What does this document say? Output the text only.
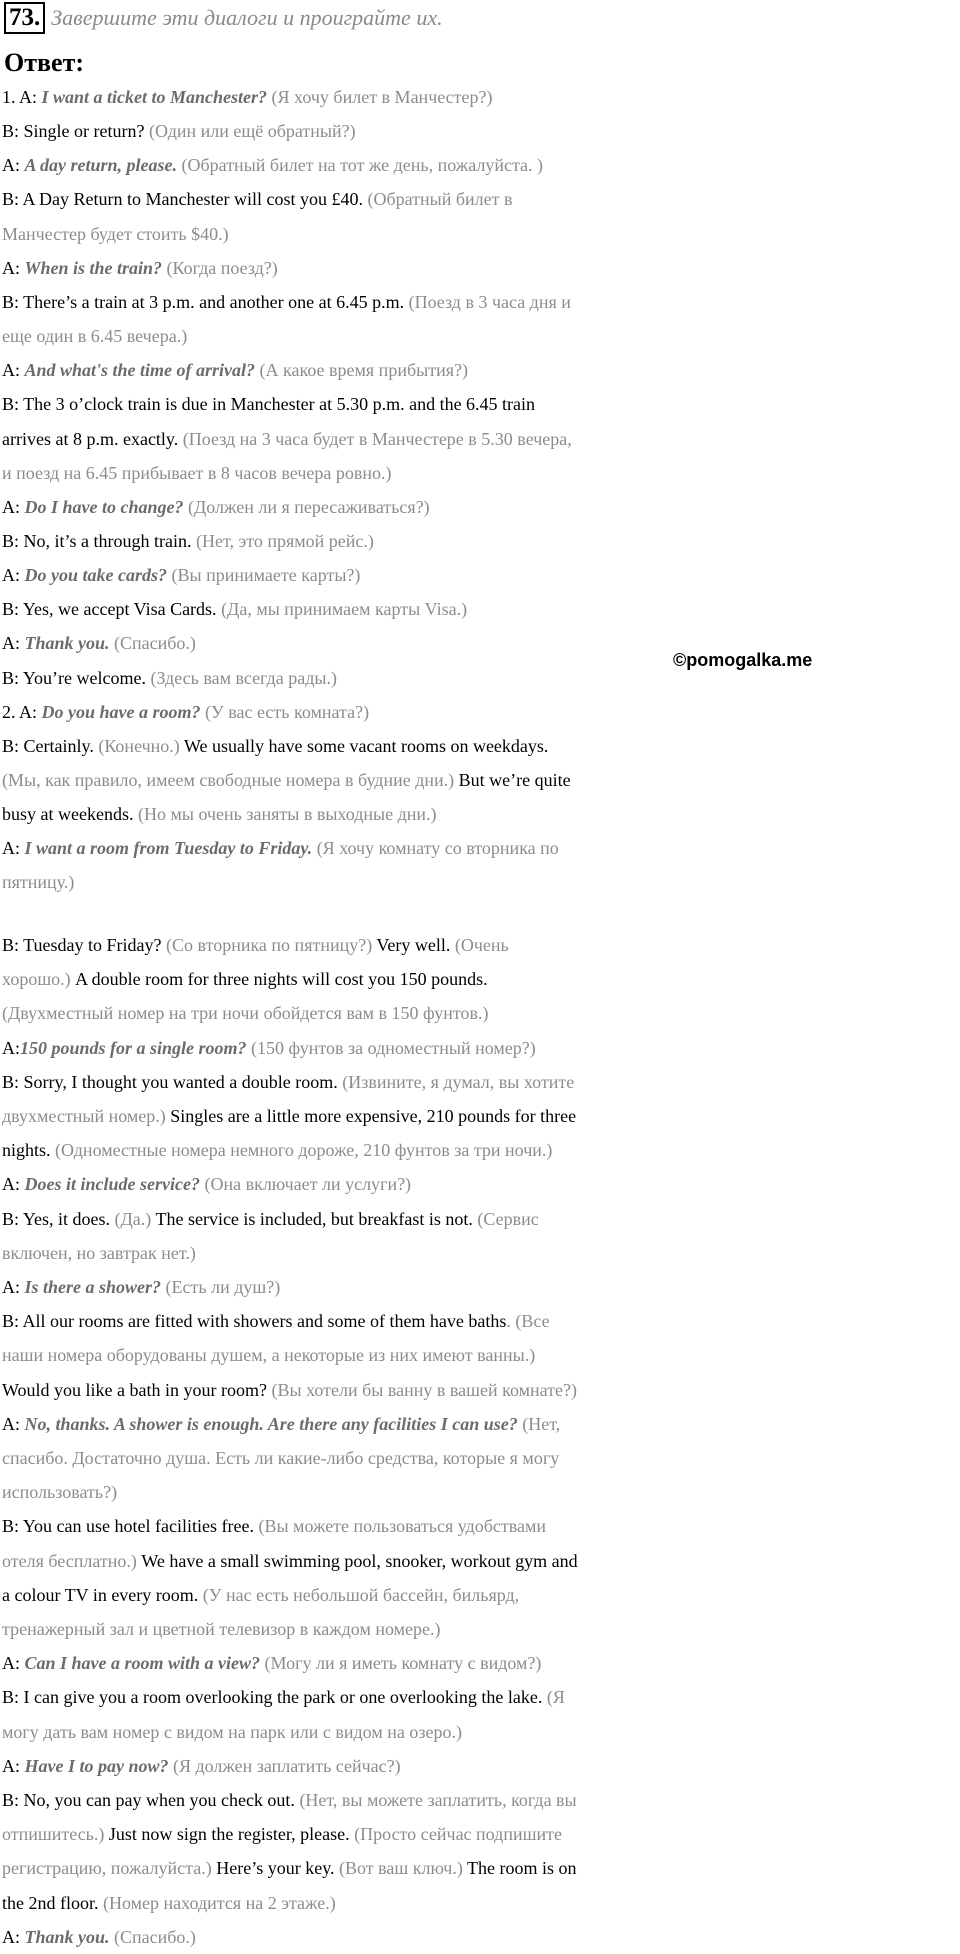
73. Завершите эти диалоги и проиграйте их.
Ответ:
1. A: I want a ticket to Manchester? (Я хочу билет в Манчестер?)
B: Single or return? (Один или ещё обратный?)
A: A day return, please. (Обратный билет на тот же день, пожалуйста. )
B: A Day Return to Manchester will cost you £40. (Обратный билет в
Манчестер будет стоить $40.)
A: When is the train? (Когда поезд?)
B: There’s a train at 3 p.m. and another one at 6.45 p.m. (Поезд в 3 часа дня и
еще один в 6.45 вечера.)
A: And what's the time of arrival? (А какое время прибытия?)
B: The 3 o’clock train is due in Manchester at 5.30 p.m. and the 6.45 train
arrives at 8 p.m. exactly. (Поезд на 3 часа будет в Манчестере в 5.30 вечера,
и поезд на 6.45 прибывает в 8 часов вечера ровно.)
A: Do I have to change? (Должен ли я пересаживаться?)
B: No, it’s a through train. (Нет, это прямой рейс.)
A: Do you take cards? (Вы принимаете карты?)
B: Yes, we accept Visa Cards. (Да, мы принимаем карты Visa.)
A: Thank you. (Спасибо.)
B: You’re welcome. (Здесь вам всегда рады.)
2. A: Do you have a room? (У вас есть комната?)
B: Certainly. (Конечно.) We usually have some vacant rooms on weekdays.
(Мы, как правило, имеем свободные номера в будние дни.) But we’re quite
busy at weekends. (Но мы очень заняты в выходные дни.)
A: I want a room from Tuesday to Friday. (Я хочу комнату со вторника по
пятницу.)
B: Tuesday to Friday? (Со вторника по пятницу?) Very well. (Очень
хорошо.) A double room for three nights will cost you 150 pounds.
(Двухместный номер на три ночи обойдется вам в 150 фунтов.)
A:150 pounds for a single room? (150 фунтов за одноместный номер?)
B: Sorry, I thought you wanted a double room. (Извините, я думал, вы хотите
двухместный номер.) Singles are a little more expensive, 210 pounds for three
nights. (Одноместные номера немного дороже, 210 фунтов за три ночи.)
A: Does it include service? (Она включает ли услуги?)
B: Yes, it does. (Да.) The service is included, but breakfast is not. (Сервис
включен, но завтрак нет.)
A: Is there a shower? (Есть ли душ?)
B: All our rooms are fitted with showers and some of them have baths. (Все
наши номера оборудованы душем, а некоторые из них имеют ванны.)
Would you like a bath in your room? (Вы хотели бы ванну в вашей комнате?)
A: No, thanks. A shower is enough. Are there any facilities I can use? (Нет,
спасибо. Достаточно душа. Есть ли какие-либо средства, которые я могу
использовать?)
B: You can use hotel facilities free. (Вы можете пользоваться удобствами
отеля бесплатно.) We have a small swimming pool, snooker, workout gym and
a colour TV in every room. (У нас есть небольшой бассейн, бильярд,
тренажерный зал и цветной телевизор в каждом номере.)
A: Can I have a room with a view? (Могу ли я иметь комнату с видом?)
B: I can give you a room overlooking the park or one overlooking the lake. (Я
могу дать вам номер с видом на парк или с видом на озеро.)
A: Have I to pay now? (Я должен заплатить сейчас?)
B: No, you can pay when you check out. (Нет, вы можете заплатить, когда вы
отпишитесь.) Just now sign the register, please. (Просто сейчас подпишите
регистрацию, пожалуйста.) Here’s your key. (Вот ваш ключ.) The room is on
the 2nd floor. (Номер находится на 2 этаже.)
A: Thank you. (Спасибо.)
©pomogalka.me
